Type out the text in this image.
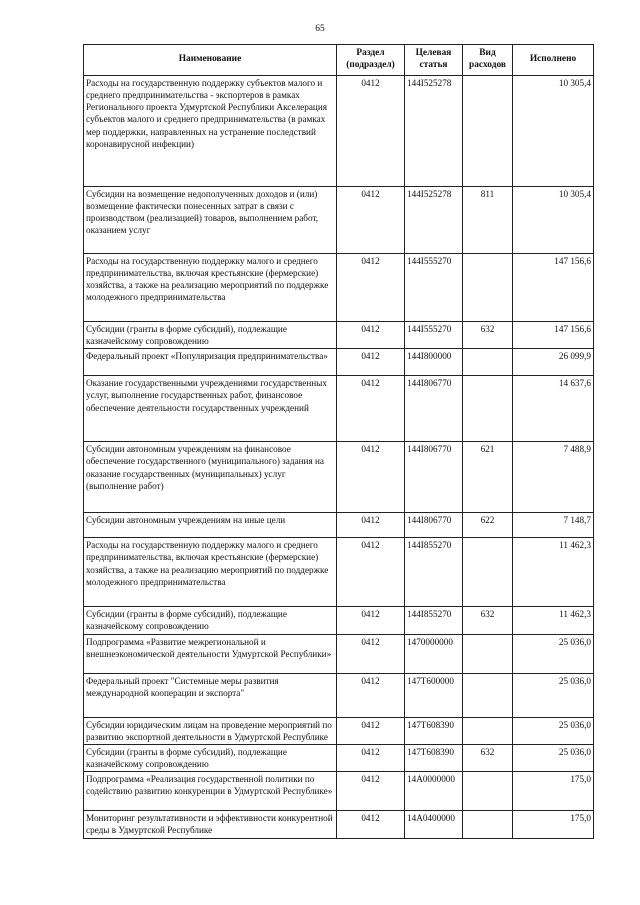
65
Наименование	Раздел (подраздел)	Целевая статья	Вид расходов	Исполнено
Расходы на государственную поддержку субъектов малого и среднего предпринимательства - экспортеров в рамках Регионального проекта Удмуртской Республики Акселерация субъектов малого и среднего предпринимательства (в рамках мер поддержки, направленных на устранение последствий коронавирусной инфекции)	0412	144I525278		10 305,4
Субсидии на возмещение недополученных доходов и (или) возмещение фактически понесенных затрат в связи с производством (реализацией) товаров, выполнением работ, оказанием услуг	0412	144I525278	811	10 305,4
Расходы на государственную поддержку малого и среднего предпринимательства, включая крестьянские (фермерские) хозяйства, а также на реализацию мероприятий по поддержке молодежного предпринимательства	0412	144I555270		147 156,6
Субсидии (гранты в форме субсидий), подлежащие казначейскому сопровождению	0412	144I555270	632	147 156,6
Федеральный проект «Популяризация предпринимательства»	0412	144I800000		26 099,9
Оказание государственными учреждениями государственных услуг, выполнение государственных работ, финансовое обеспечение деятельности государственных учреждений	0412	144I806770		14 637,6
Субсидии автономным учреждениям на финансовое обеспечение государственного (муниципального) задания на оказание государственных (муниципальных) услуг (выполнение работ)	0412	144I806770	621	7 488,9
Субсидии автономным учреждениям на иные цели	0412	144I806770	622	7 148,7
Расходы на государственную поддержку малого и среднего предпринимательства, включая крестьянские (фермерские) хозяйства, а также на реализацию мероприятий по поддержке молодежного предпринимательства	0412	144I855270		11 462,3
Субсидии (гранты в форме субсидий), подлежащие казначейскому сопровождению	0412	144I855270	632	11 462,3
Подпрограмма «Развитие межрегиональной и внешнеэкономической деятельности Удмуртской Республики»	0412	1470000000		25 036,0
Федеральный проект "Системные меры развития международной кооперации и экспорта"	0412	147T600000		25 036,0
Субсидии юридическим лицам на проведение мероприятий по развитию экспортной деятельности в Удмуртской Республике	0412	147T608390		25 036,0
Субсидии (гранты в форме субсидий), подлежащие казначейскому сопровождению	0412	147T608390	632	25 036,0
Подпрограмма «Реализация государственной политики по содействию развитию конкуренции в Удмуртской Республике»	0412	14A0000000		175,0
Мониторинг результативности и эффективности конкурентной среды в Удмуртской Республике	0412	14A0400000		175,0
